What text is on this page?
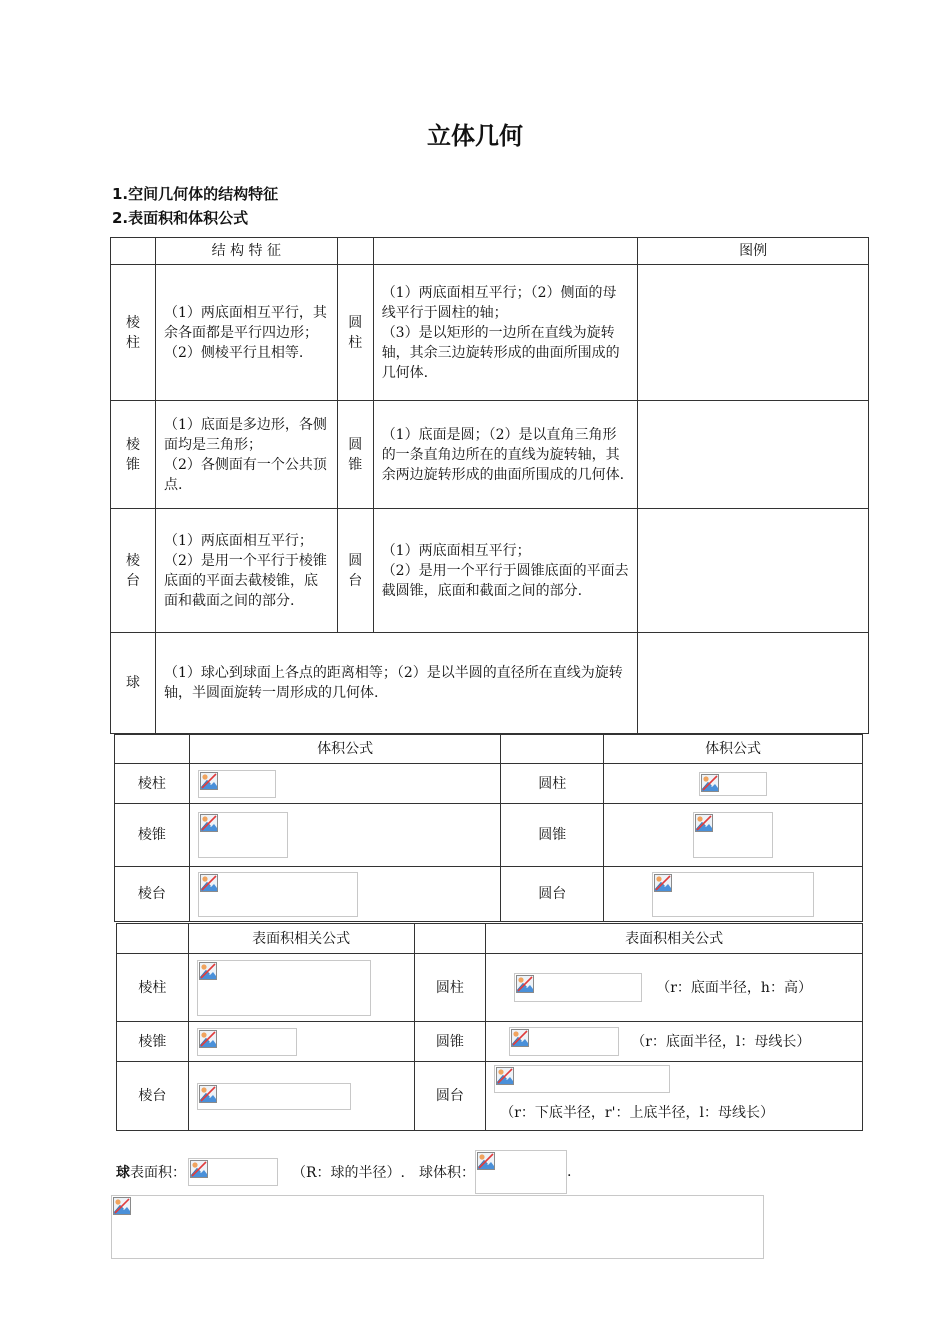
立体几何
1.空间几何体的结构特征
2.表面积和体积公式
	结 构 特 征			图例
棱柱	（1）两底面相互平行，其余各面都是平行四边形；
（2）侧棱平行且相等.	圆柱	（1）两底面相互平行；（2）侧面的母线平行于圆柱的轴；
（3）是以矩形的一边所在直线为旋转轴，其余三边旋转形成的曲面所围成的几何体.	
棱锥	（1）底面是多边形，各侧面均是三角形；
（2）各侧面有一个公共顶点.	圆锥	（1）底面是圆；（2）是以直角三角形的一条直角边所在的直线为旋转轴，其余两边旋转形成的曲面所围成的几何体.	
棱台	（1）两底面相互平行；
（2）是用一个平行于棱锥底面的平面去截棱锥，底面和截面之间的部分.	圆台	（1）两底面相互平行；
（2）是用一个平行于圆锥底面的平面去截圆锥，底面和截面之间的部分.	
球	（1）球心到球面上各点的距离相等；（2）是以半圆的直径所在直线为旋转轴，半圆面旋转一周形成的几何体.			
	体积公式		体积公式
棱柱		圆柱	

棱锥		圆锥	

棱台		圆台	
	表面积相关公式		表面积相关公式
棱柱		圆柱	（r：底面半径，h：高）
棱锥		圆锥	（r：底面半径，l：母线长）
棱台		圆台	（r：下底半径，r'：上底半径，l：母线长）
球 表面积：	（R：球的半径）. 球体积：	.
